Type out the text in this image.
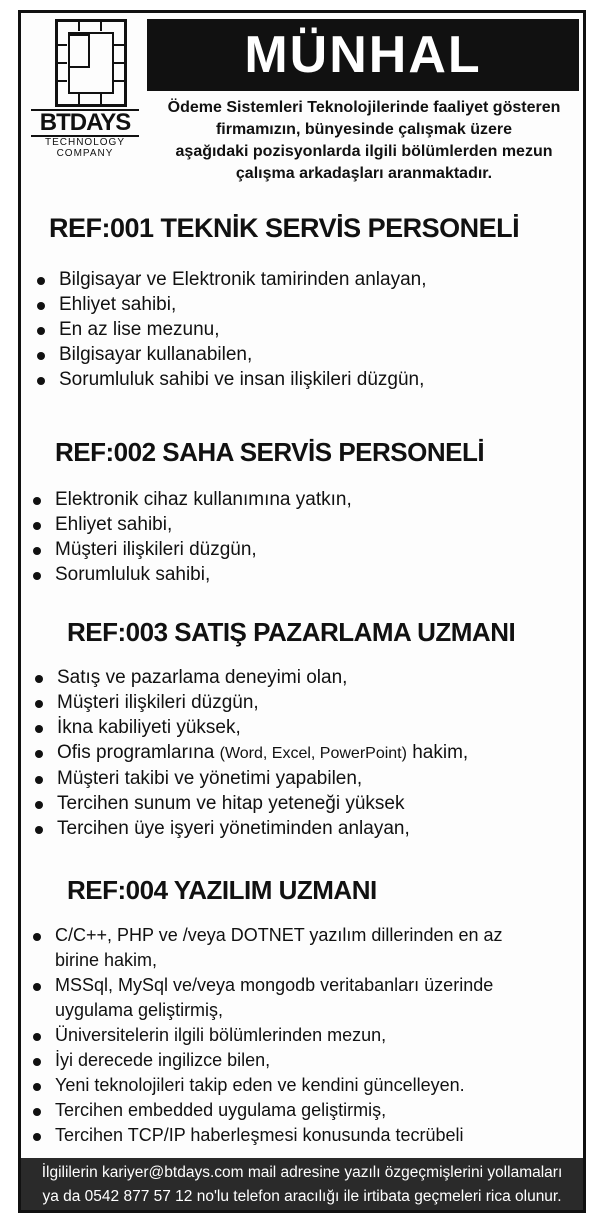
BTDAYS
TECHNOLOGY
COMPANY
MÜNHAL
Ödeme Sistemleri Teknolojilerinde faaliyet gösteren
firmamızın, bünyesinde çalışmak üzere
aşağıdaki pozisyonlarda ilgili bölümlerden mezun
çalışma arkadaşları aranmaktadır.
REF:001 TEKNİK SERVİS PERSONELİ
Bilgisayar ve Elektronik tamirinden anlayan,
Ehliyet sahibi,
En az lise mezunu,
Bilgisayar kullanabilen,
Sorumluluk sahibi ve insan ilişkileri düzgün,
REF:002 SAHA SERVİS PERSONELİ
Elektronik cihaz kullanımına yatkın,
Ehliyet sahibi,
Müşteri ilişkileri düzgün,
Sorumluluk sahibi,
REF:003 SATIŞ PAZARLAMA UZMANI
Satış ve pazarlama deneyimi olan,
Müşteri ilişkileri düzgün,
İkna kabiliyeti yüksek,
Ofis programlarına (Word, Excel, PowerPoint) hakim,
Müşteri takibi ve yönetimi yapabilen,
Tercihen sunum ve hitap yeteneği yüksek
Tercihen üye işyeri yönetiminden anlayan,
REF:004 YAZILIM UZMANI
C/C++, PHP ve /veya DOTNET yazılım dillerinden en az birine hakim,
MSSql, MySql ve/veya mongodb veritabanları üzerinde uygulama geliştirmiş,
Üniversitelerin ilgili bölümlerinden mezun,
İyi derecede ingilizce bilen,
Yeni teknolojileri takip eden ve kendini güncelleyen.
Tercihen embedded uygulama geliştirmiş,
Tercihen TCP/IP haberleşmesi konusunda tecrübeli
İlgililerin kariyer@btdays.com mail adresine yazılı özgeçmişlerini yollamaları
ya da 0542 877 57 12 no'lu telefon aracılığı ile irtibata geçmeleri rica olunur.
